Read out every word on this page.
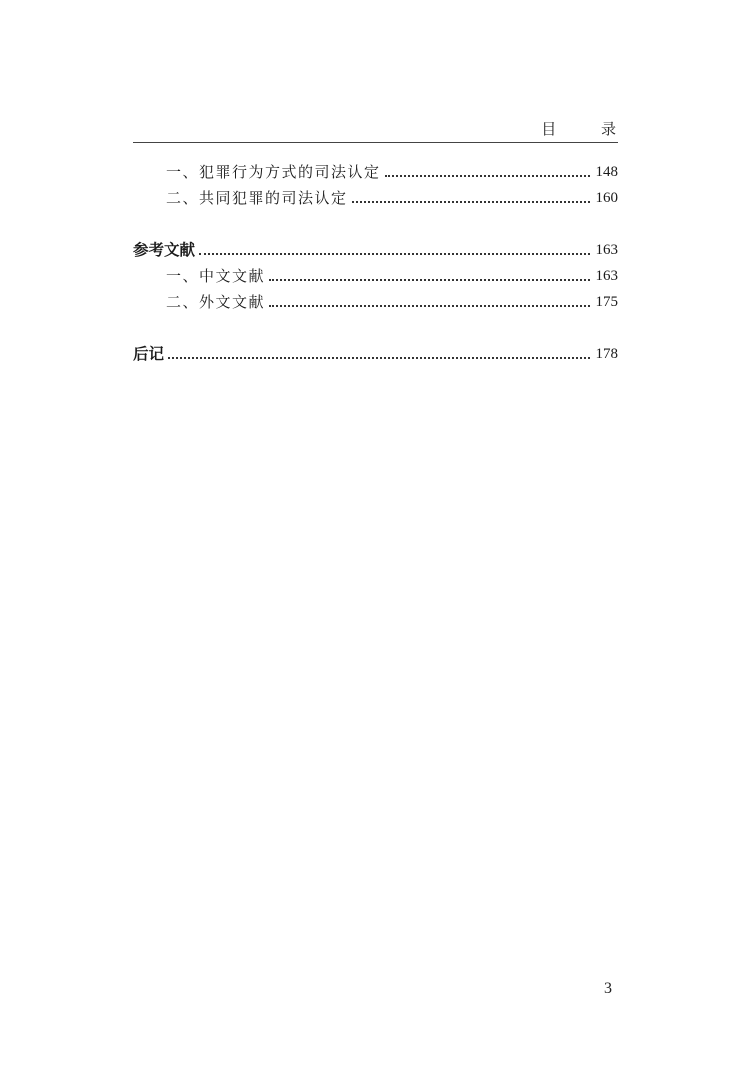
目 录
一、犯罪行为方式的司法认定	148
二、共同犯罪的司法认定	160
参考文献	163
一、中文文献	163
二、外文文献	175
后记	178
3
